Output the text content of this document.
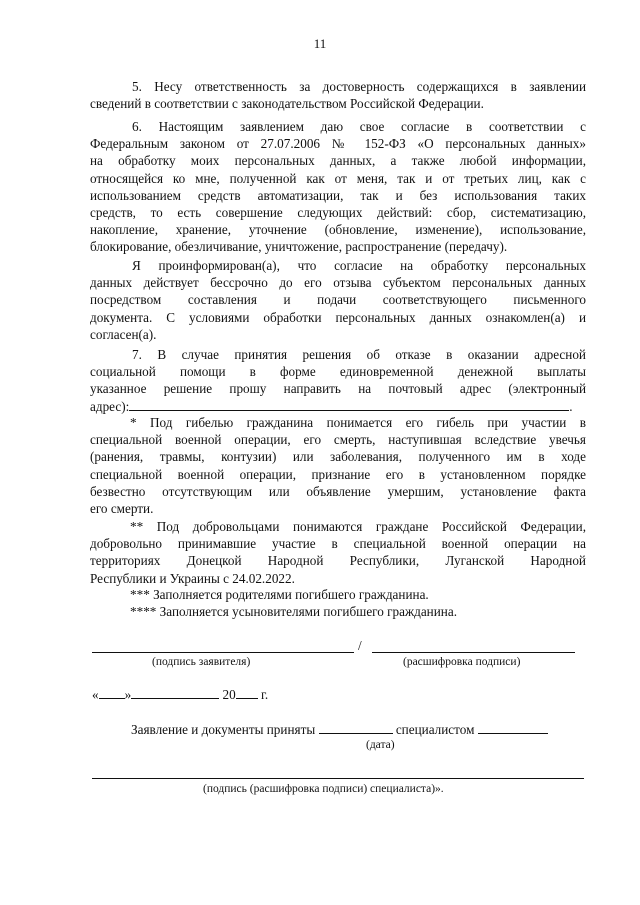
11
5. Несу ответственность за достоверность содержащихся в заявлении
сведений в соответствии с законодательством Российской Федерации.
6. Настоящим заявлением даю свое согласие в соответствии с
Федеральным законом от 27.07.2006 № 152-ФЗ «О персональных данных»
на обработку моих персональных данных, а также любой информации,
относящейся ко мне, полученной как от меня, так и от третьих лиц, как с
использованием средств автоматизации, так и без использования таких
средств, то есть совершение следующих действий: сбор, систематизацию,
накопление, хранение, уточнение (обновление, изменение), использование,
блокирование, обезличивание, уничтожение, распространение (передачу).
Я проинформирован(а), что согласие на обработку персональных
данных действует бессрочно до его отзыва субъектом персональных данных
посредством составления и подачи соответствующего письменного
документа. С условиями обработки персональных данных ознакомлен(а) и
согласен(а).
7. В случае принятия решения об отказе в оказании адресной
социальной помощи в форме единовременной денежной выплаты
указанное решение прошу направить на почтовый адрес (электронный
адрес):	.
* Под гибелью гражданина понимается его гибель при участии в
специальной военной операции, его смерть, наступившая вследствие увечья
(ранения, травмы, контузии) или заболевания, полученного им в ходе
специальной военной операции, признание его в установленном порядке
безвестно отсутствующим или объявление умершим, установление факта
его смерти.
** Под добровольцами понимаются граждане Российской Федерации,
добровольно принимавшие участие в специальной военной операции на
территориях Донецкой Народной Республики, Луганской Народной
Республики и Украины с 24.02.2022.
*** Заполняется родителями погибшего гражданина.
**** Заполняется усыновителями погибшего гражданина.
/
(подпись заявителя)	(расшифровка подписи)
« »	20 г.
Заявление и документы приняты	специалистом
(дата)
(подпись (расшифровка подписи) специалиста)».
